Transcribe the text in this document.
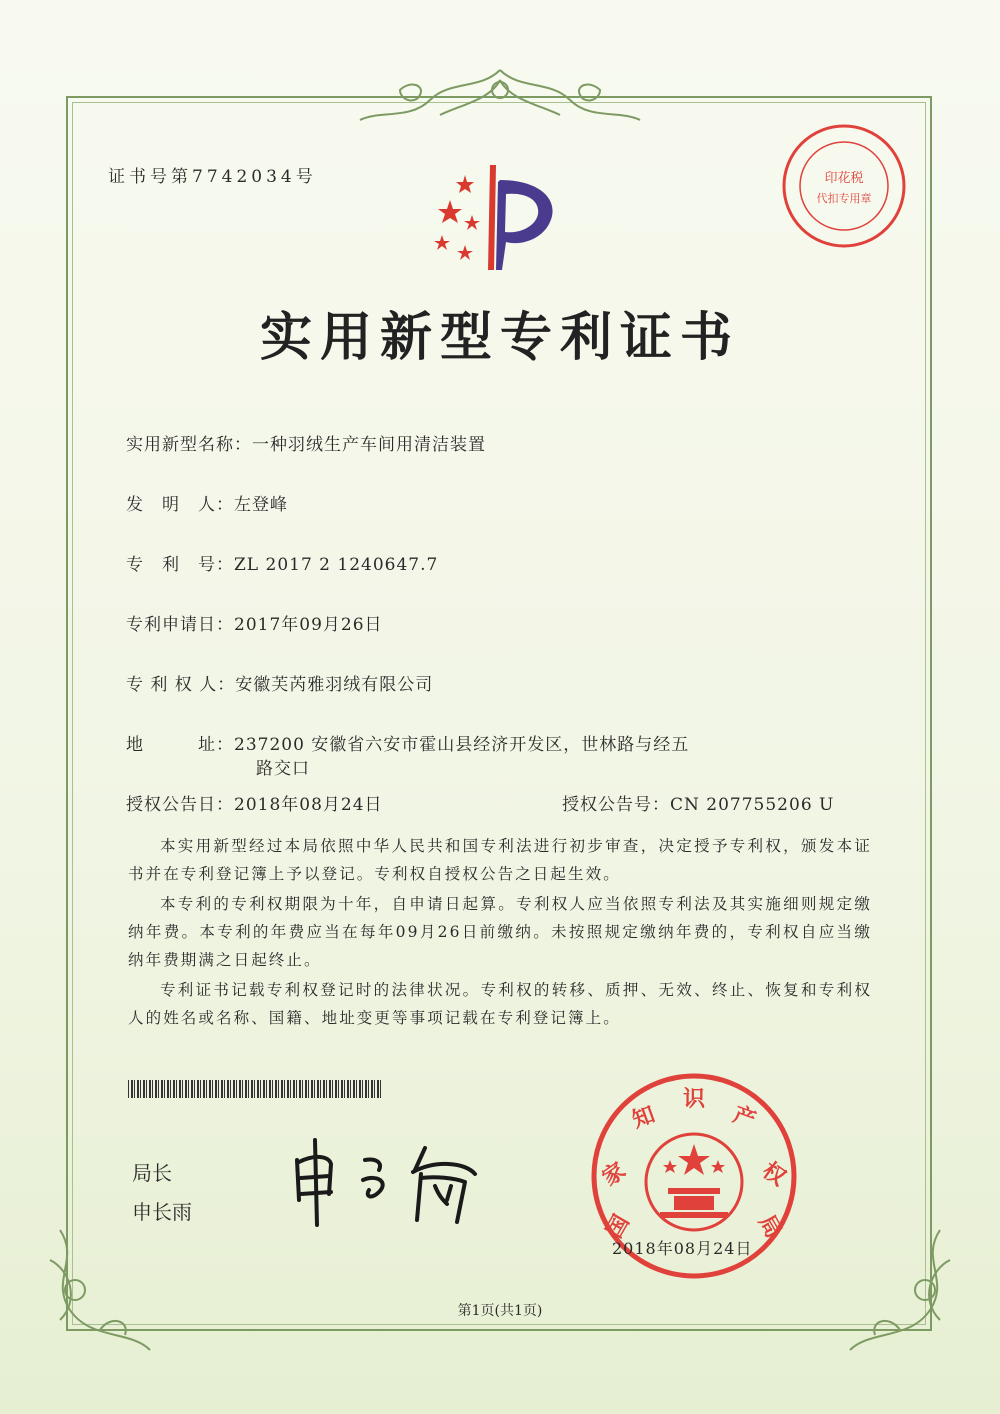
证书号第7742034号	印花税
代扣专用章
实用新型专利证书
实用新型名称：一种羽绒生产车间用清洁装置
发　明　人：左登峰
专　利　号：ZL 2017 2 1240647.7
专利申请日：2017年09月26日
专 利 权 人：安徽芙芮雅羽绒有限公司
地　　　址：237200 安徽省六安市霍山县经济开发区，世林路与经五
路交口
授权公告日：2018年08月24日	授权公告号：CN 207755206 U
本实用新型经过本局依照中华人民共和国专利法进行初步审查，决定授予专利权，颁发本证书并在专利登记簿上予以登记。专利权自授权公告之日起生效。
本专利的专利权期限为十年，自申请日起算。专利权人应当依照专利法及其实施细则规定缴纳年费。本专利的年费应当在每年09月26日前缴纳。未按照规定缴纳年费的，专利权自应当缴纳年费期满之日起终止。
专利证书记载专利权登记时的法律状况。专利权的转移、质押、无效、终止、恢复和专利权人的姓名或名称、国籍、地址变更等事项记载在专利登记簿上。
局长
申长雨	国
家
知
识
产
权
局
2018年08月24日
第1页(共1页)
